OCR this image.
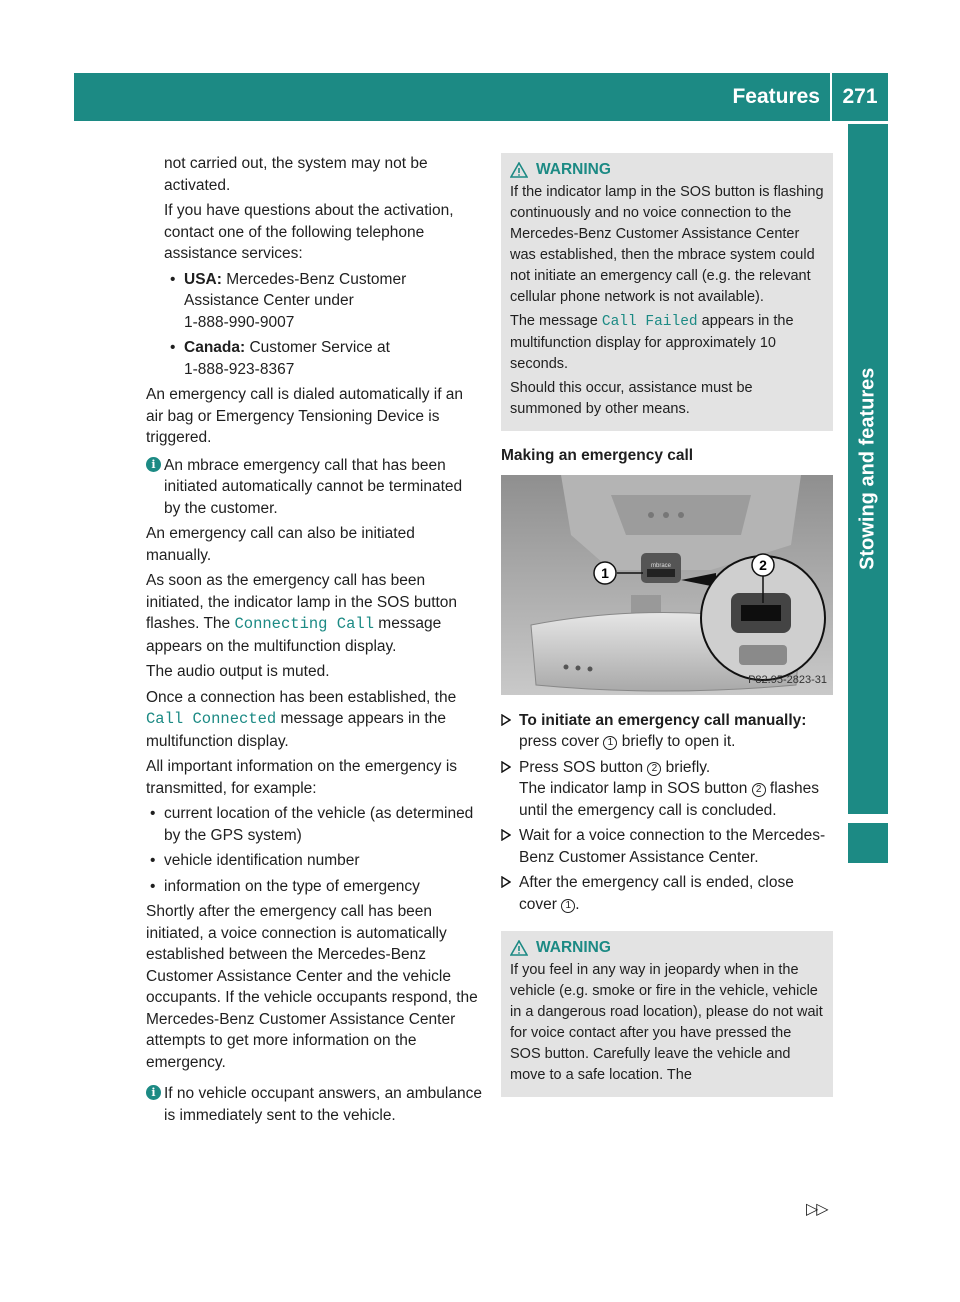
Features	271
Stowing and features

not carried out, the system may not be activated.

If you have questions about the activation, contact one of the following telephone assistance services:

• USA: Mercedes-Benz Customer Assistance Center under
1-888-990-9007
• Canada: Customer Service at
1-888-923-8367

An emergency call is dialed automatically if an air bag or Emergency Tensioning Device is triggered.

i An mbrace emergency call that has been initiated automatically cannot be terminated by the customer.

An emergency call can also be initiated manually.

As soon as the emergency call has been initiated, the indicator lamp in the SOS button flashes. The Connecting Call message appears on the multifunction display.

The audio output is muted.

Once a connection has been established, the Call Connected message appears in the multifunction display.

All important information on the emergency is transmitted, for example:

• current location of the vehicle (as determined by the GPS system)
• vehicle identification number
• information on the type of emergency

Shortly after the emergency call has been initiated, a voice connection is automatically established between the Mercedes-Benz Customer Assistance Center and the vehicle occupants. If the vehicle occupants respond, the Mercedes-Benz Customer Assistance Center attempts to get more information on the emergency.

i If no vehicle occupant answers, an ambulance is immediately sent to the vehicle.
WARNING

If the indicator lamp in the SOS button is flashing continuously and no voice connection to the Mercedes-Benz Customer Assistance Center was established, then the mbrace system could not initiate an emergency call (e.g. the relevant cellular phone network is not available).

The message Call Failed appears in the multifunction display for approximately 10 seconds.

Should this occur, assistance must be summoned by other means.

Making an emergency call
1	2
mbrace
P82.95-2823-31
To initiate an emergency call manually: press cover 1 briefly to open it.
Press SOS button 2 briefly.
The indicator lamp in SOS button 2 flashes until the emergency call is concluded.
Wait for a voice connection to the Mercedes-Benz Customer Assistance Center.
After the emergency call is ended, close cover 1 .
WARNING

If you feel in any way in jeopardy when in the vehicle (e.g. smoke or fire in the vehicle, vehicle in a dangerous road location), please do not wait for voice contact after you have pressed the SOS button. Carefully leave the vehicle and move to a safe location. The

▷▷
